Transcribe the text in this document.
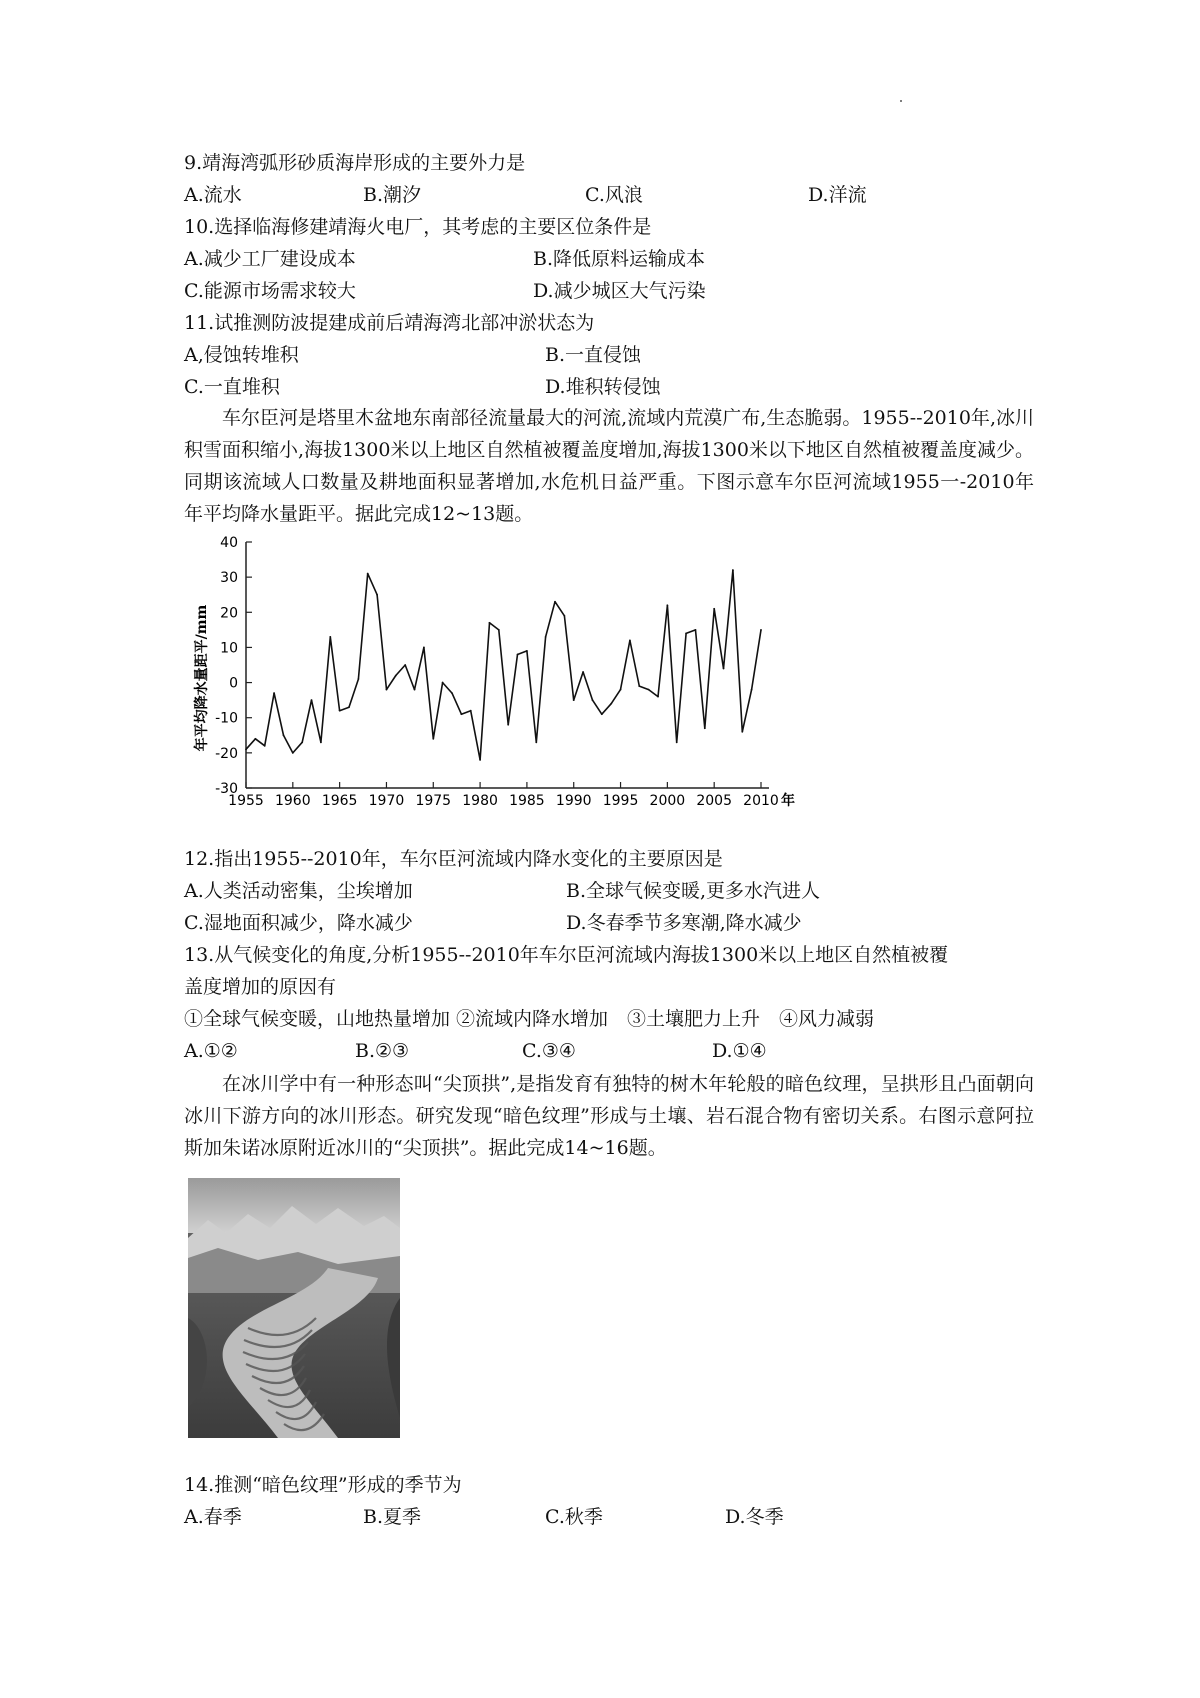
9.靖海湾弧形砂质海岸形成的主要外力是
A.流水	B.潮汐	C.风浪	D.洋流
10.选择临海修建靖海火电厂，其考虑的主要区位条件是
A.减少工厂建设成本	B.降低原料运输成本
C.能源市场需求较大	D.减少城区大气污染
11.试推测防波提建成前后靖海湾北部冲淤状态为
A,侵蚀转堆积	B.一直侵蚀
C.一直堆积	D.堆积转侵蚀
车尔臣河是塔里木盆地东南部径流量最大的河流,流域内荒漠广布,生态脆弱。1955--2010年,冰川积雪面积缩小,海拔1300米以上地区自然植被覆盖度增加,海拔1300米以下地区自然植被覆盖度减少。同期该流域人口数量及耕地面积显著增加,水危机日益严重。下图示意车尔臣河流域1955一-2010年年平均降水量距平。据此完成12~13题。
40
30
20
10
0
-10
-20
-30
1955 1960 1965 1970 1975 1980 1985 1990 1995 2000 2005 2010 年
年平均降水量距平/mm
12.指出1955--2010年，车尔臣河流域内降水变化的主要原因是
A.人类活动密集，尘埃增加	B.全球气候变暖,更多水汽进人
C.湿地面积减少，降水减少	D.冬春季节多寒潮,降水减少
13.从气候变化的角度,分析1955--2010年车尔臣河流域内海拔1300米以上地区自然植被覆
盖度增加的原因有
①全球气候变暖，山地热量增加 ②流域内降水增加　③土壤肥力上升　④风力减弱
A.①②	B.②③	C.③④	D.①④
在冰川学中有一种形态叫“尖顶拱”,是指发育有独特的树木年轮般的暗色纹理，呈拱形且凸面朝向冰川下游方向的冰川形态。研究发现“暗色纹理”形成与土壤、岩石混合物有密切关系。右图示意阿拉斯加朱诺冰原附近冰川的“尖顶拱”。据此完成14~16题。
14.推测“暗色纹理”形成的季节为
A.春季	B.夏季	C.秋季	D.冬季
